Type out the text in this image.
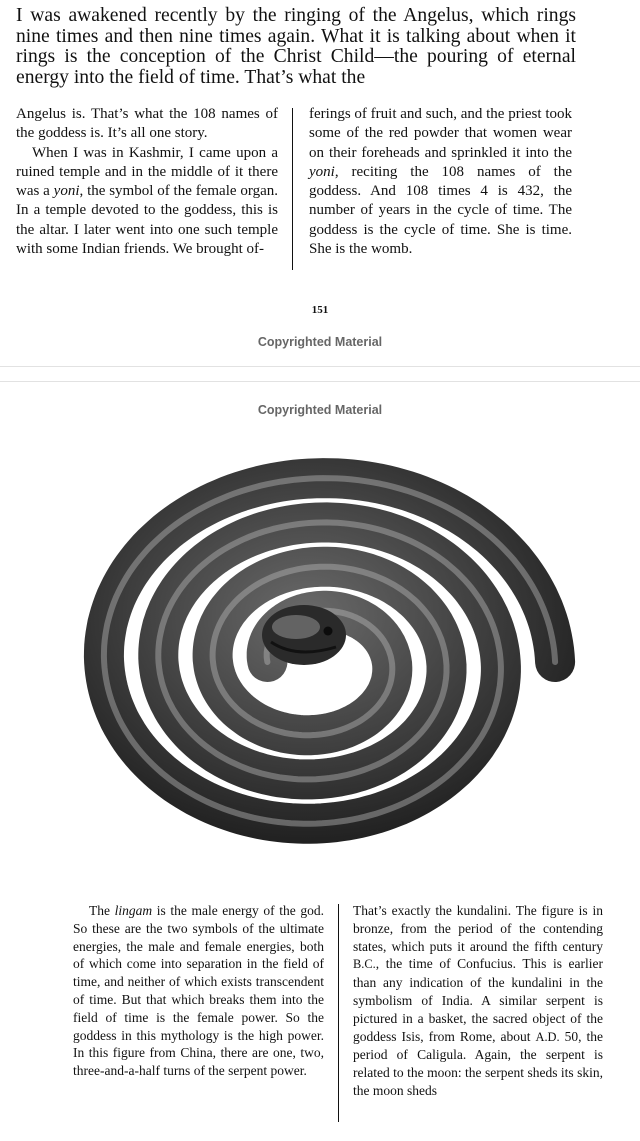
I was awakened recently by the ringing of the Angelus, which rings nine times and then nine times again. What it is talking about when it rings is the conception of the Christ Child—the pouring of eternal energy into the field of time. That’s what the

Angelus is. That’s what the 108 names of the goddess is. It’s all one story.

When I was in Kashmir, I came upon a ruined temple and in the middle of it there was a yoni, the symbol of the female organ. In a temple devoted to the goddess, this is the altar. I later went into one such temple with some Indian friends. We brought of-

ferings of fruit and such, and the priest took some of the red powder that women wear on their foreheads and sprinkled it into the yoni, reciting the 108 names of the goddess. And 108 times 4 is 432, the number of years in the cycle of time. The goddess is the cycle of time. She is time. She is the womb.

151
Copyrighted Material
Copyrighted Material

The lingam is the male energy of the god. So these are the two symbols of the ultimate energies, the male and female energies, both of which come into separation in the field of time, and neither of which exists transcendent of time. But that which breaks them into the field of time is the female power. So the goddess in this mythology is the high power. In this figure from China, there are one, two, three-and-a-half turns of the serpent power.

That’s exactly the kundalini. The figure is in bronze, from the period of the contending states, which puts it around the fifth century B.C., the time of Confucius. This is earlier than any indication of the kundalini in the symbolism of India. A similar serpent is pictured in a basket, the sacred object of the goddess Isis, from Rome, about A.D. 50, the period of Caligula. Again, the serpent is related to the moon: the serpent sheds its skin, the moon sheds
